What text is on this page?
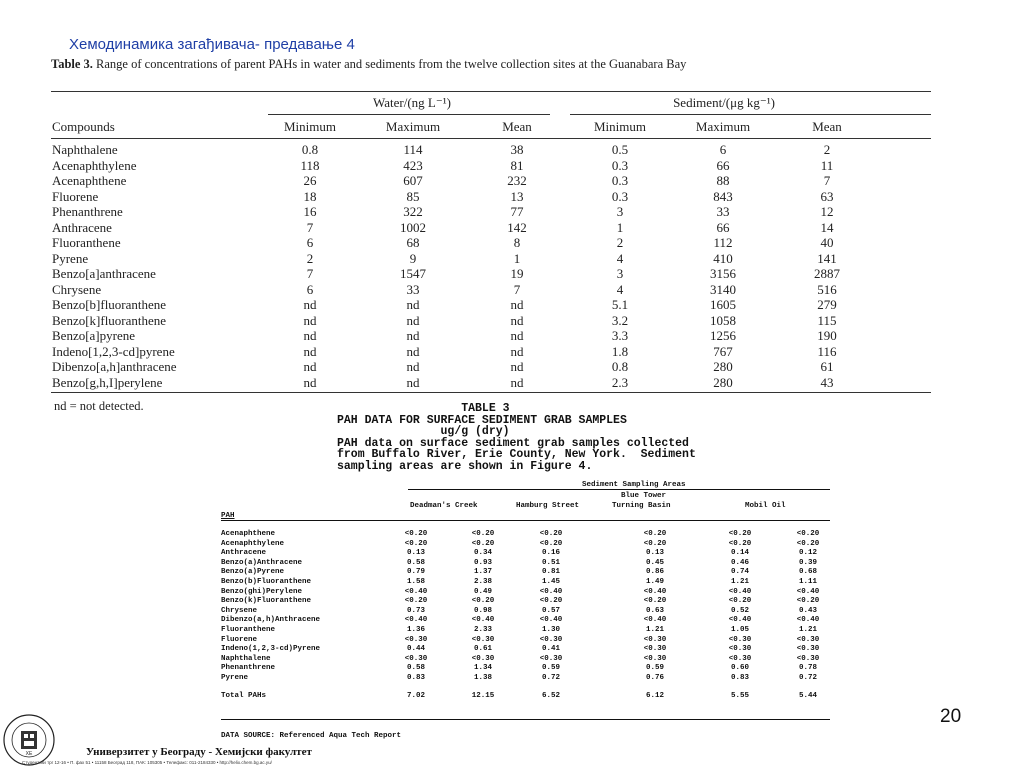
Хемодинамика загађивача- предавање 4
Table 3. Range of concentrations of parent PAHs in water and sediments from the twelve collection sites at the Guanabara Bay
Water/(ng L⁻¹)	Sediment/(μg kg⁻¹)
Compounds	Minimum	Maximum	Mean	Minimum	Maximum	Mean
Naphthalene	0.8	114	38	0.5	6	2
Acenaphthylene	118	423	81	0.3	66	11
Acenaphthene	26	607	232	0.3	88	7
Fluorene	18	85	13	0.3	843	63
Phenanthrene	16	322	77	3	33	12
Anthracene	7	1002	142	1	66	14
Fluoranthene	6	68	8	2	112	40
Pyrene	2	9	1	4	410	141
Benzo[a]anthracene	7	1547	19	3	3156	2887
Chrysene	6	33	7	4	3140	516
Benzo[b]fluoranthene	nd	nd	nd	5.1	1605	279
Benzo[k]fluoranthene	nd	nd	nd	3.2	1058	115
Benzo[a]pyrene	nd	nd	nd	3.3	1256	190
Indeno[1,2,3-cd]pyrene	nd	nd	nd	1.8	767	116
Dibenzo[a,h]anthracene	nd	nd	nd	0.8	280	61
Benzo[g,h,I]perylene	nd	nd	nd	2.3	280	43
nd = not detected.	TABLE 3
PAH DATA FOR SURFACE SEDIMENT GRAB SAMPLES
ug/g (dry)
PAH data on surface sediment grab samples collected
from Buffalo River, Erie County, New York.  Sediment
sampling areas are shown in Figure 4.
Sediment Sampling Areas
Deadman's Creek	Hamburg Street
Blue Tower
Turning Basin	Mobil Oil
PAH
Acenaphthene	<0.20	<0.20	<0.20	<0.20	<0.20	<0.20
Acenaphthylene	<0.20	<0.20	<0.20	<0.20	<0.20	<0.20
Anthracene	0.13	0.34	0.16	0.13	0.14	0.12
Benzo(a)Anthracene	0.58	0.93	0.51	0.45	0.46	0.39
Benzo(a)Pyrene	0.79	1.37	0.81	0.86	0.74	0.68
Benzo(b)Fluoranthene	1.58	2.38	1.45	1.49	1.21	1.11
Benzo(ghi)Perylene	<0.40	0.49	<0.40	<0.40	<0.40	<0.40
Benzo(k)Fluoranthene	<0.20	<0.20	<0.20	<0.20	<0.20	<0.20
Chrysene	0.73	0.98	0.57	0.63	0.52	0.43
Dibenzo(a,h)Anthracene	<0.40	<0.40	<0.40	<0.40	<0.40	<0.40
Fluoranthene	1.36	2.33	1.30	1.21	1.05	1.21
Fluorene	<0.30	<0.30	<0.30	<0.30	<0.30	<0.30
Indeno(1,2,3-cd)Pyrene	0.44	0.61	0.41	<0.30	<0.30	<0.30
Naphthalene	<0.30	<0.30	<0.30	<0.30	<0.30	<0.30
Phenanthrene	0.58	1.34	0.59	0.59	0.60	0.78
Pyrene	0.83	1.38	0.72	0.76	0.83	0.72
Total PAHs	7.02	12.15	6.52	6.12	5.55	5.44
DATA SOURCE: Referenced Aqua Tech Report
20
ХЕ	Универзитет у Београду - Хемијски факултет
Студентски трг 12-16 • П. фах 51 • 11158 Београд 118, ПАК: 105305 • Телефакс: 011-2184330 • http://helix.chem.bg.ac.yu/
